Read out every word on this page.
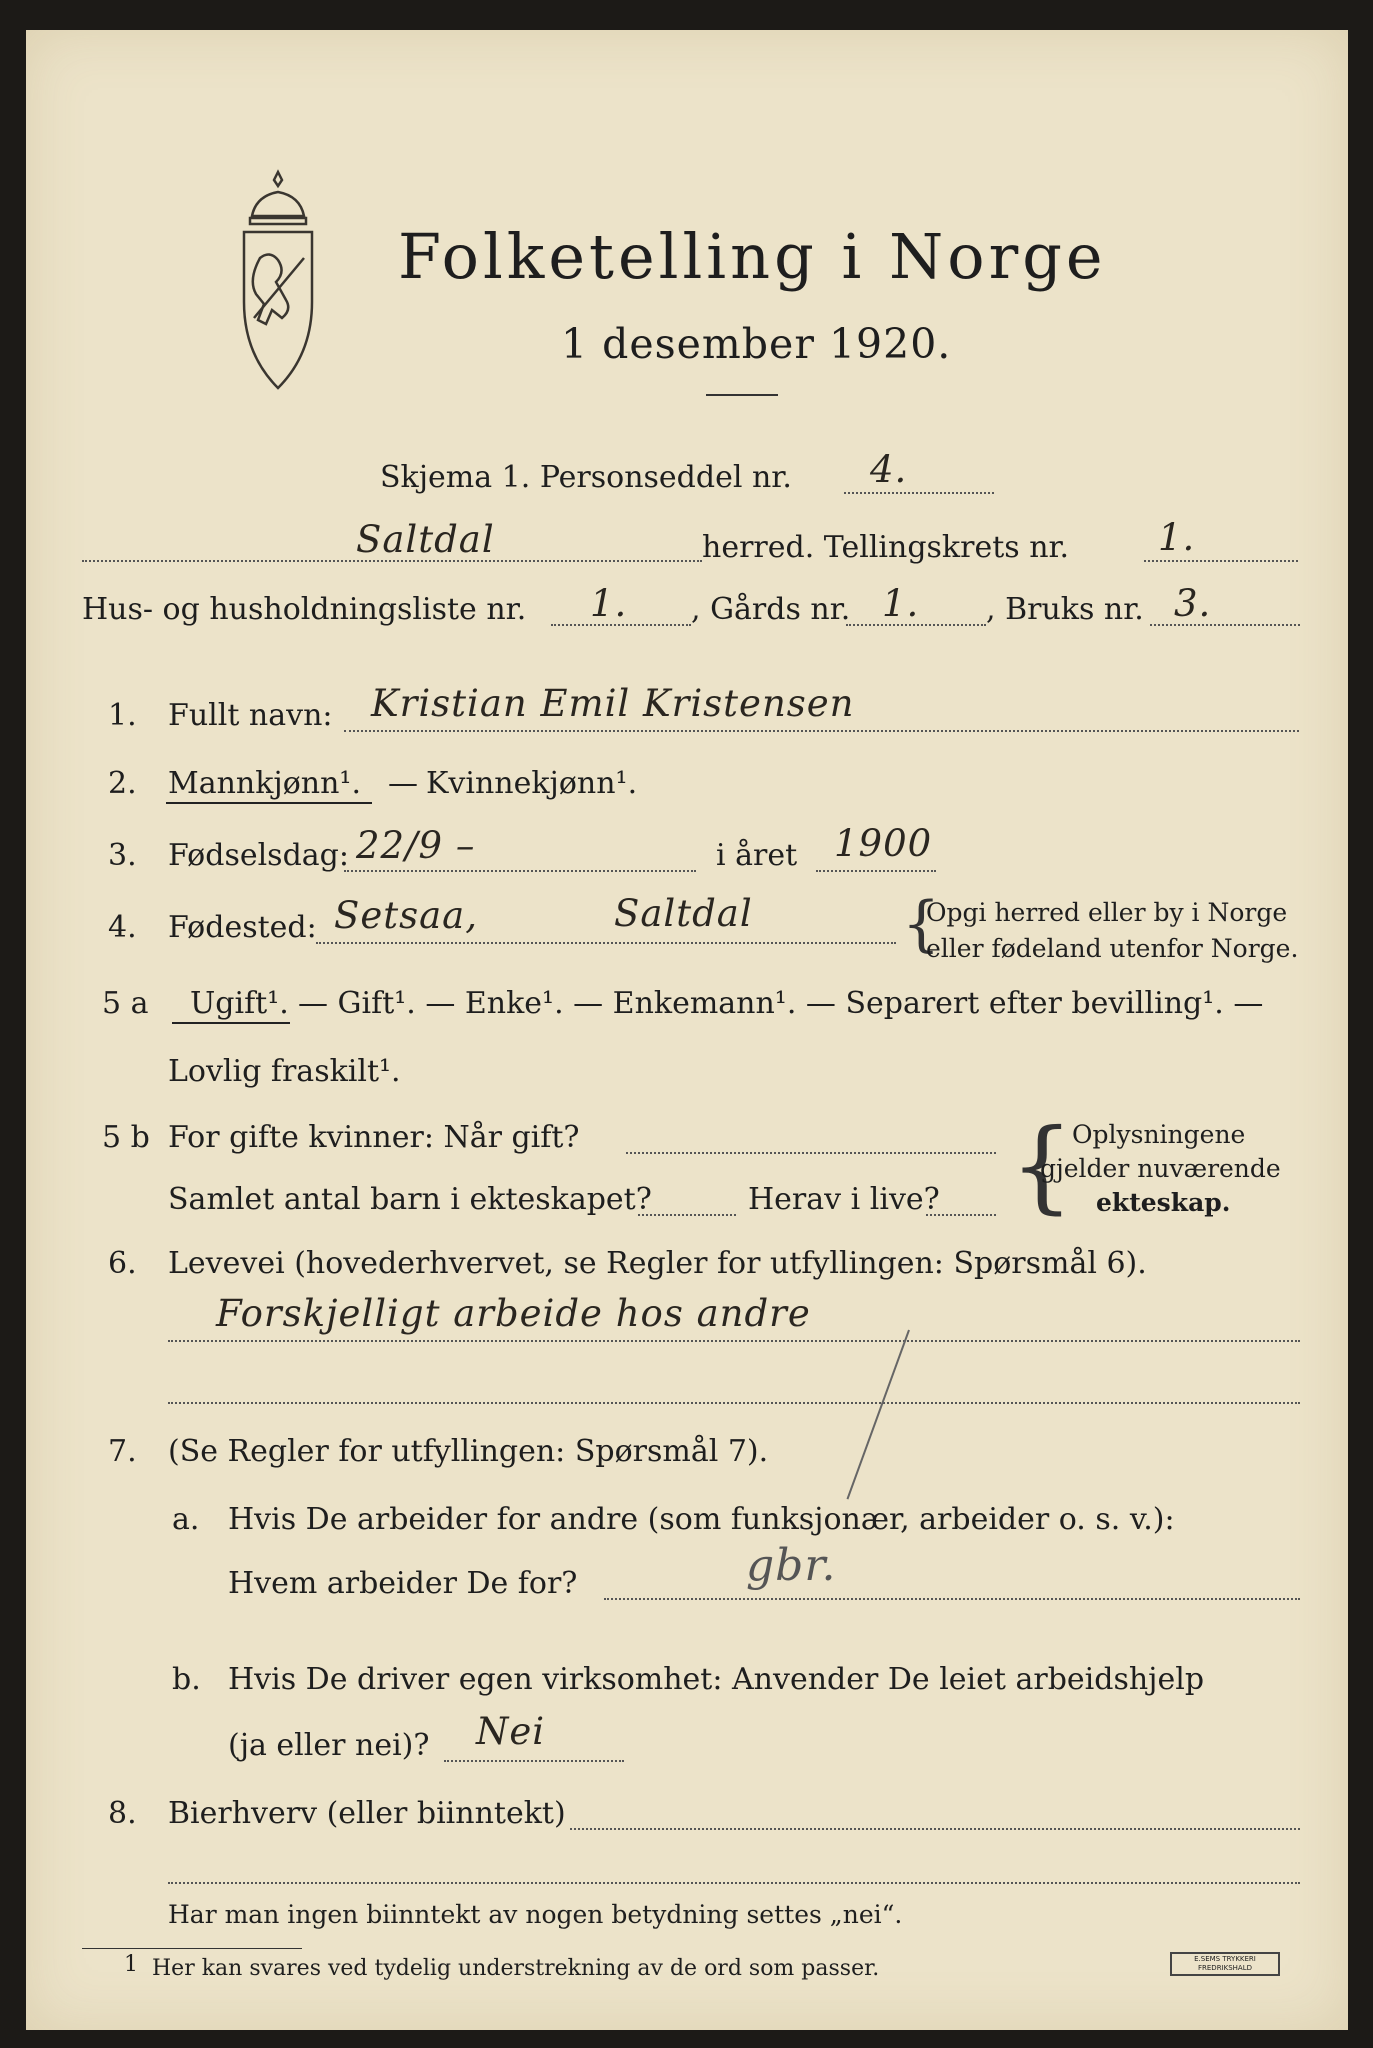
Folketelling i Norge
1 desember 1920.
Skjema 1. Personseddel nr. 4.
Saltdal	herred. Tellingskrets nr. 1.
Hus- og husholdningsliste nr. 1. , Gårds nr. 1. , Bruks nr. 3.
1. Fullt navn: Kristian Emil Kristensen
2. Mannkjønn¹. — Kvinnekjønn¹.
3. Fødselsdag: 22/9 –	i året 1900
4. Fødested: Setsaa,	Saltdal {
Opgi herred eller by i Norge
eller fødeland utenfor Norge.
5 a Ugift¹. — Gift¹. — Enke¹. — Enkemann¹. — Separert efter bevilling¹. —
Lovlig fraskilt¹.
5 b For gifte kvinner: Når gift?
Samlet antal barn i ekteskapet?	Herav i live? {
Oplysningene
gjelder nuværende
ekteskap.
6. Levevei (hovederhvervet, se Regler for utfyllingen: Spørsmål 6).
Forskjelligt arbeide hos andre
7. (Se Regler for utfyllingen: Spørsmål 7).
a. Hvis De arbeider for andre (som funksjonær, arbeider o. s. v.):
Hvem arbeider De for?	gbr.
b. Hvis De driver egen virksomhet: Anvender De leiet arbeidshjelp
(ja eller nei)? Nei
8. Bierhverv (eller biinntekt)
Har man ingen biinntekt av nogen betydning settes „nei“.
1 Her kan svares ved tydelig understrekning av de ord som passer.	E.SEMS TRYKKERI
FREDRIKSHALD
